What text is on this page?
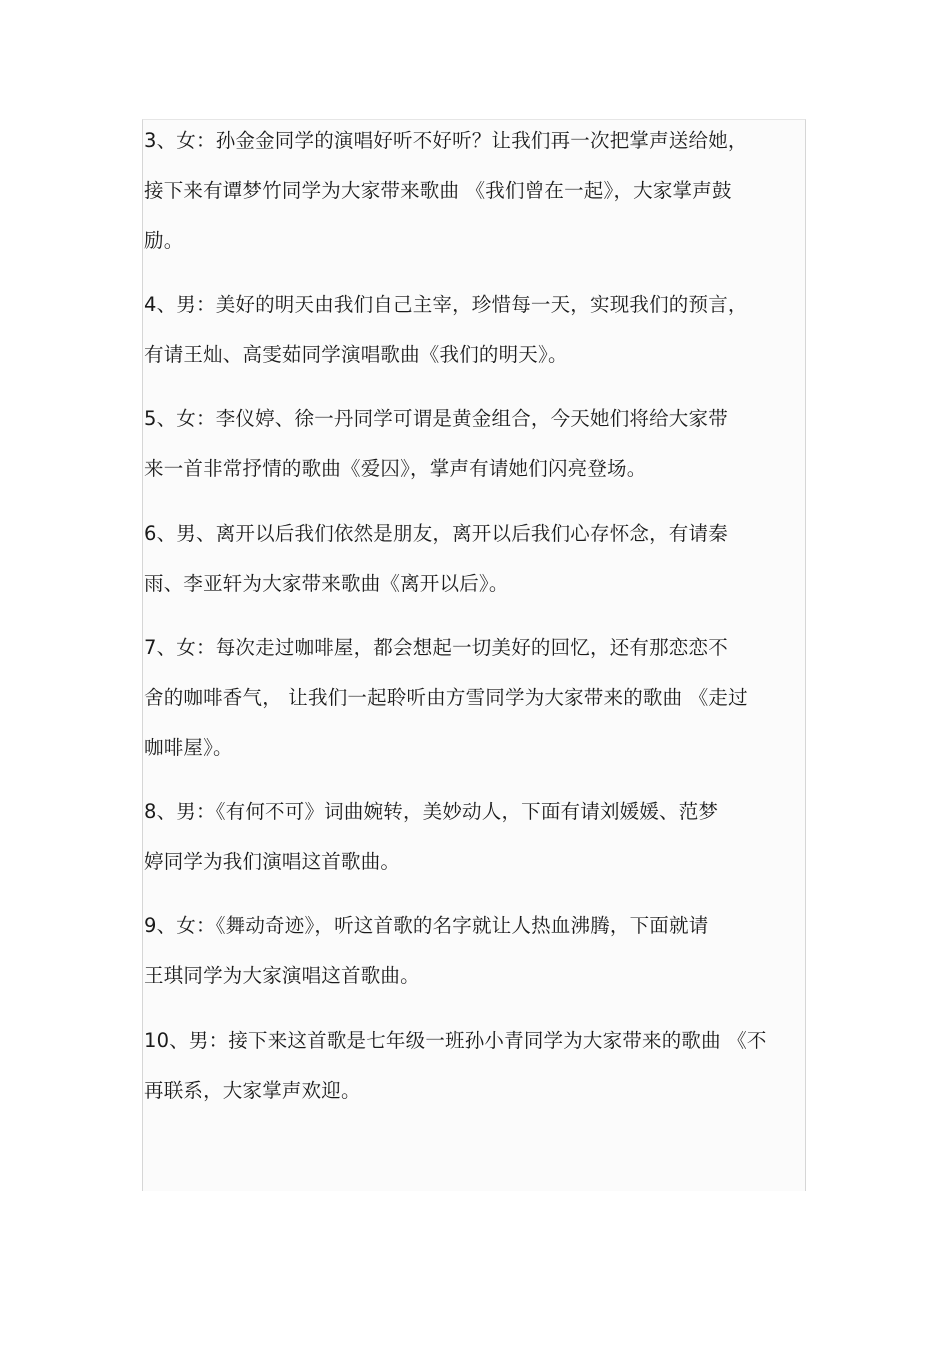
3、女：孙金金同学的演唱好听不好听？让我们再一次把掌声送给她，
接下来有谭梦竹同学为大家带来歌曲 《我们曾在一起》，大家掌声鼓
励。
4、男：美好的明天由我们自己主宰，珍惜每一天，实现我们的预言，
有请王灿、高雯茹同学演唱歌曲《我们的明天》。
5、女：李仪婷、徐一丹同学可谓是黄金组合，今天她们将给大家带
来一首非常抒情的歌曲《爱囚》，掌声有请她们闪亮登场。
6、男、离开以后我们依然是朋友，离开以后我们心存怀念，有请秦
雨、李亚轩为大家带来歌曲《离开以后》。
7、女：每次走过咖啡屋，都会想起一切美好的回忆，还有那恋恋不
舍的咖啡香气， 让我们一起聆听由方雪同学为大家带来的歌曲 《走过
咖啡屋》。
8、男：《有何不可》词曲婉转，美妙动人，下面有请刘媛媛、范梦
婷同学为我们演唱这首歌曲。
9、女：《舞动奇迹》，听这首歌的名字就让人热血沸腾，下面就请
王琪同学为大家演唱这首歌曲。
10、男：接下来这首歌是七年级一班孙小青同学为大家带来的歌曲 《不
再联系，大家掌声欢迎。
